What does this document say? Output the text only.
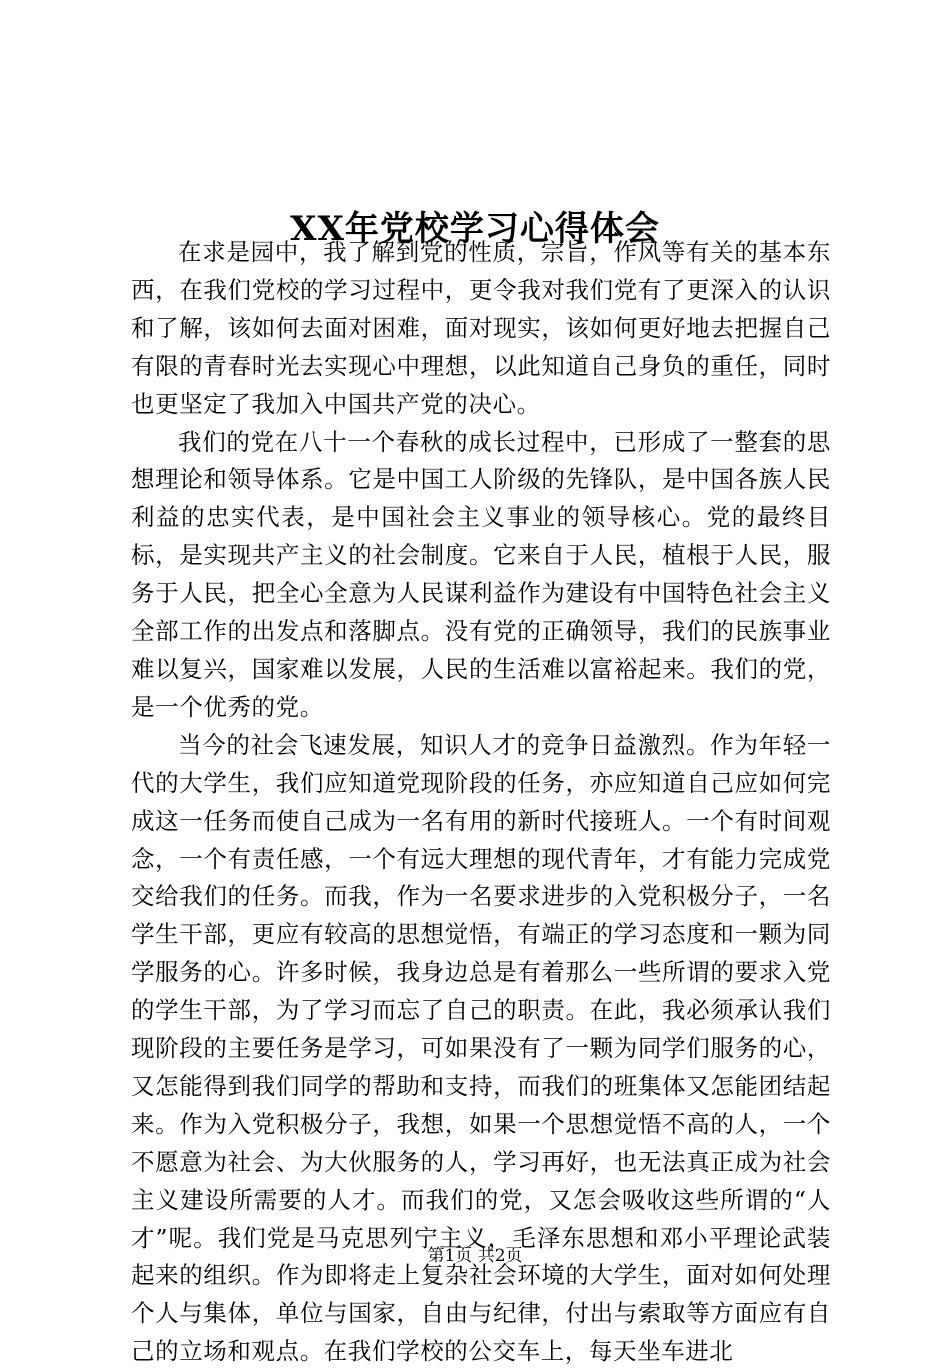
XX年党校学习心得体会

在求是园中，我了解到党的性质，宗旨，作风等有关的基本东西，在我们党校的学习过程中，更令我对我们党有了更深入的认识和了解，该如何去面对困难，面对现实，该如何更好地去把握自己有限的青春时光去实现心中理想，以此知道自己身负的重任，同时也更坚定了我加入中国共产党的决心。

我们的党在八十一个春秋的成长过程中，已形成了一整套的思想理论和领导体系。它是中国工人阶级的先锋队，是中国各族人民利益的忠实代表，是中国社会主义事业的领导核心。党的最终目标，是实现共产主义的社会制度。它来自于人民，植根于人民，服务于人民，把全心全意为人民谋利益作为建设有中国特色社会主义全部工作的出发点和落脚点。没有党的正确领导，我们的民族事业难以复兴，国家难以发展，人民的生活难以富裕起来。我们的党，是一个优秀的党。

当今的社会飞速发展，知识人才的竞争日益激烈。作为年轻一代的大学生，我们应知道党现阶段的任务，亦应知道自己应如何完成这一任务而使自己成为一名有用的新时代接班人。一个有时间观念，一个有责任感，一个有远大理想的现代青年，才有能力完成党交给我们的任务。而我，作为一名要求进步的入党积极分子，一名学生干部，更应有较高的思想觉悟，有端正的学习态度和一颗为同学服务的心。许多时候，我身边总是有着那么一些所谓的要求入党的学生干部，为了学习而忘了自己的职责。在此，我必须承认我们现阶段的主要任务是学习，可如果没有了一颗为同学们服务的心，又怎能得到我们同学的帮助和支持，而我们的班集体又怎能团结起来。作为入党积极分子，我想，如果一个思想觉悟不高的人，一个不愿意为社会、为大伙服务的人，学习再好，也无法真正成为社会主义建设所需要的人才。而我们的党，又怎会吸收这些所谓的“人才”呢。我们党是马克思列宁主义，毛泽东思想和邓小平理论武装起来的组织。作为即将走上复杂社会环境的大学生，面对如何处理个人与集体，单位与国家，自由与纪律，付出与索取等方面应有自己的立场和观点。在我们学校的公交车上，每天坐车进北

第1页 共2页
